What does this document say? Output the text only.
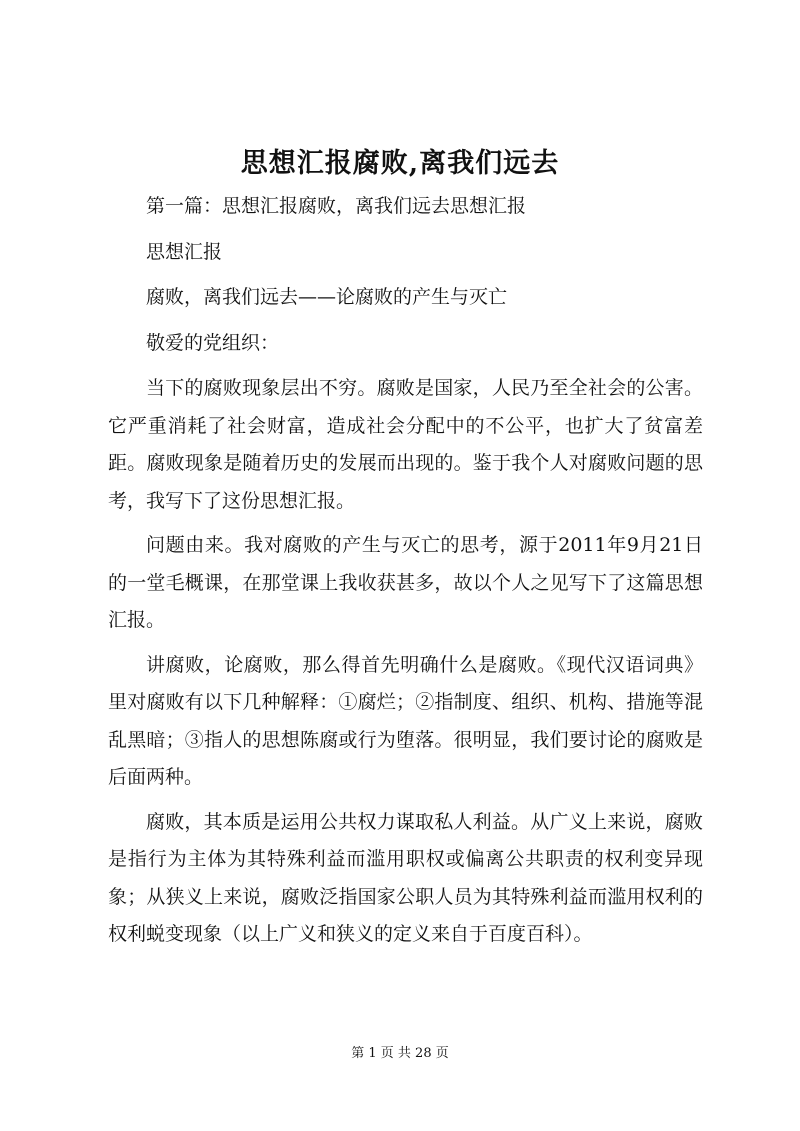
思想汇报腐败,离我们远去

第一篇：思想汇报腐败，离我们远去思想汇报

思想汇报

腐败，离我们远去——论腐败的产生与灭亡

敬爱的党组织：

当下的腐败现象层出不穷。腐败是国家，人民乃至全社会的公害。它严重消耗了社会财富，造成社会分配中的不公平，也扩大了贫富差距。腐败现象是随着历史的发展而出现的。鉴于我个人对腐败问题的思考，我写下了这份思想汇报。

问题由来。我对腐败的产生与灭亡的思考，源于2011年9月21日的一堂毛概课，在那堂课上我收获甚多，故以个人之见写下了这篇思想汇报。

讲腐败，论腐败，那么得首先明确什么是腐败。《现代汉语词典》里对腐败有以下几种解释：①腐烂；②指制度、组织、机构、措施等混乱黑暗；③指人的思想陈腐或行为堕落。很明显，我们要讨论的腐败是后面两种。

腐败，其本质是运用公共权力谋取私人利益。从广义上来说，腐败是指行为主体为其特殊利益而滥用职权或偏离公共职责的权利变异现象；从狭义上来说，腐败泛指国家公职人员为其特殊利益而滥用权利的权利蜕变现象（以上广义和狭义的定义来自于百度百科）。

第 1 页 共 28 页
